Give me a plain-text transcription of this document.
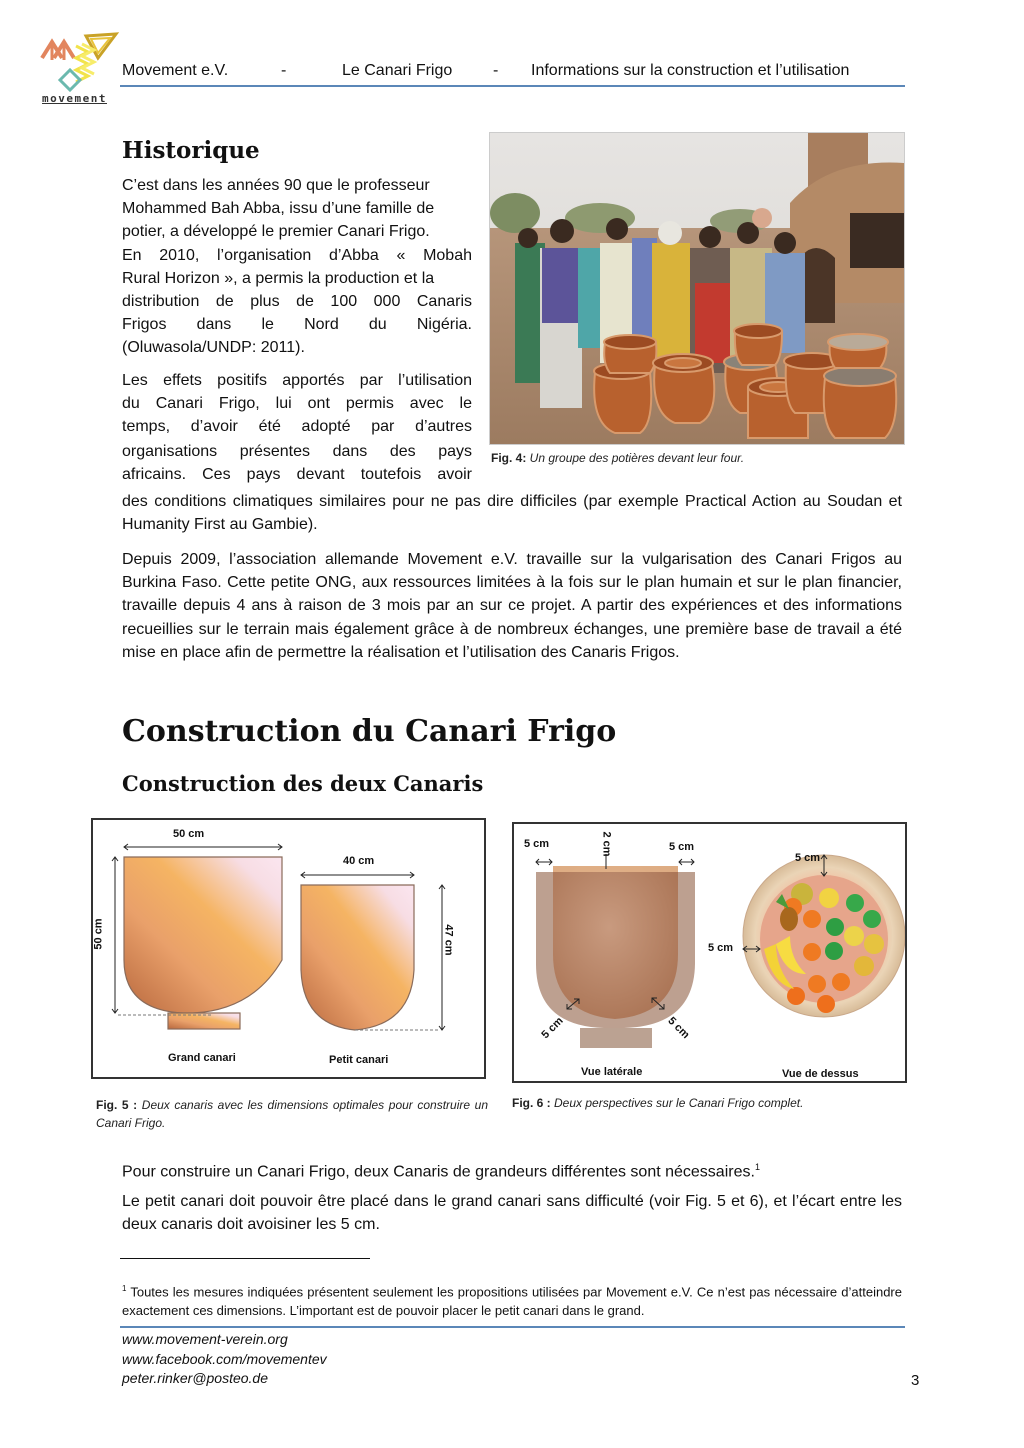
movement
Movement e.V.	-	Le Canari Frigo	- Informations sur la construction et l’utilisation
Historique
C’est dans les années 90 que le professeur
Mohammed Bah Abba, issu d’une famille de
potier, a développé le premier Canari Frigo.
En 2010, l’organisation d’Abba « Mobah
Rural Horizon », a permis la production et la
distribution de plus de 100 000 Canaris
Frigos dans le Nord du Nigéria.
(Oluwasola/UNDP: 2011).
Les effets positifs apportés par l’utilisation
du Canari Frigo, lui ont permis avec le
temps, d’avoir été adopté par d’autres
organisations présentes dans des pays
africains. Ces pays devant toutefois avoir
des conditions climatiques similaires pour ne pas dire difficiles (par exemple Practical Action au Soudan et Humanity First au Gambie).
Fig. 4: Un groupe des potières devant leur four.
Depuis 2009, l’association allemande Movement e.V. travaille sur la vulgarisation des Canari Frigos au Burkina Faso. Cette petite ONG, aux ressources limitées à la fois sur le plan humain et sur le plan financier, travaille depuis 4 ans à raison de 3 mois par an sur ce projet. A partir des expériences et des informations recueillies sur le terrain mais également grâce à de nombreux échanges, une première base de travail a été mise en place afin de permettre la réalisation et l’utilisation des Canaris Frigos.
Construction du Canari Frigo
Construction des deux Canaris
50 cm
50 cm
40 cm
47 cm
Grand canari	Petit canari
Fig. 5 : Deux canaris avec les dimensions optimales pour construire un Canari Frigo.
5 cm	2 cm	5 cm
5 cm	5 cm
5 cm
5 cm
Vue latérale	Vue de dessus
Fig. 6 : Deux perspectives sur le Canari Frigo complet.
Pour construire un Canari Frigo, deux Canaris de grandeurs différentes sont nécessaires.$^1$
Le petit canari doit pouvoir être placé dans le grand canari sans difficulté (voir Fig. 5 et 6), et l’écart entre les deux canaris doit avoisiner les 5 cm.
$^1$ Toutes les mesures indiquées présentent seulement les propositions utilisées par Movement e.V. Ce n’est pas nécessaire d’atteindre exactement ces dimensions. L’important est de pouvoir placer le petit canari dans le grand.
www.movement-verein.org
www.facebook.com/movementev
peter.rinker@posteo.de	3
